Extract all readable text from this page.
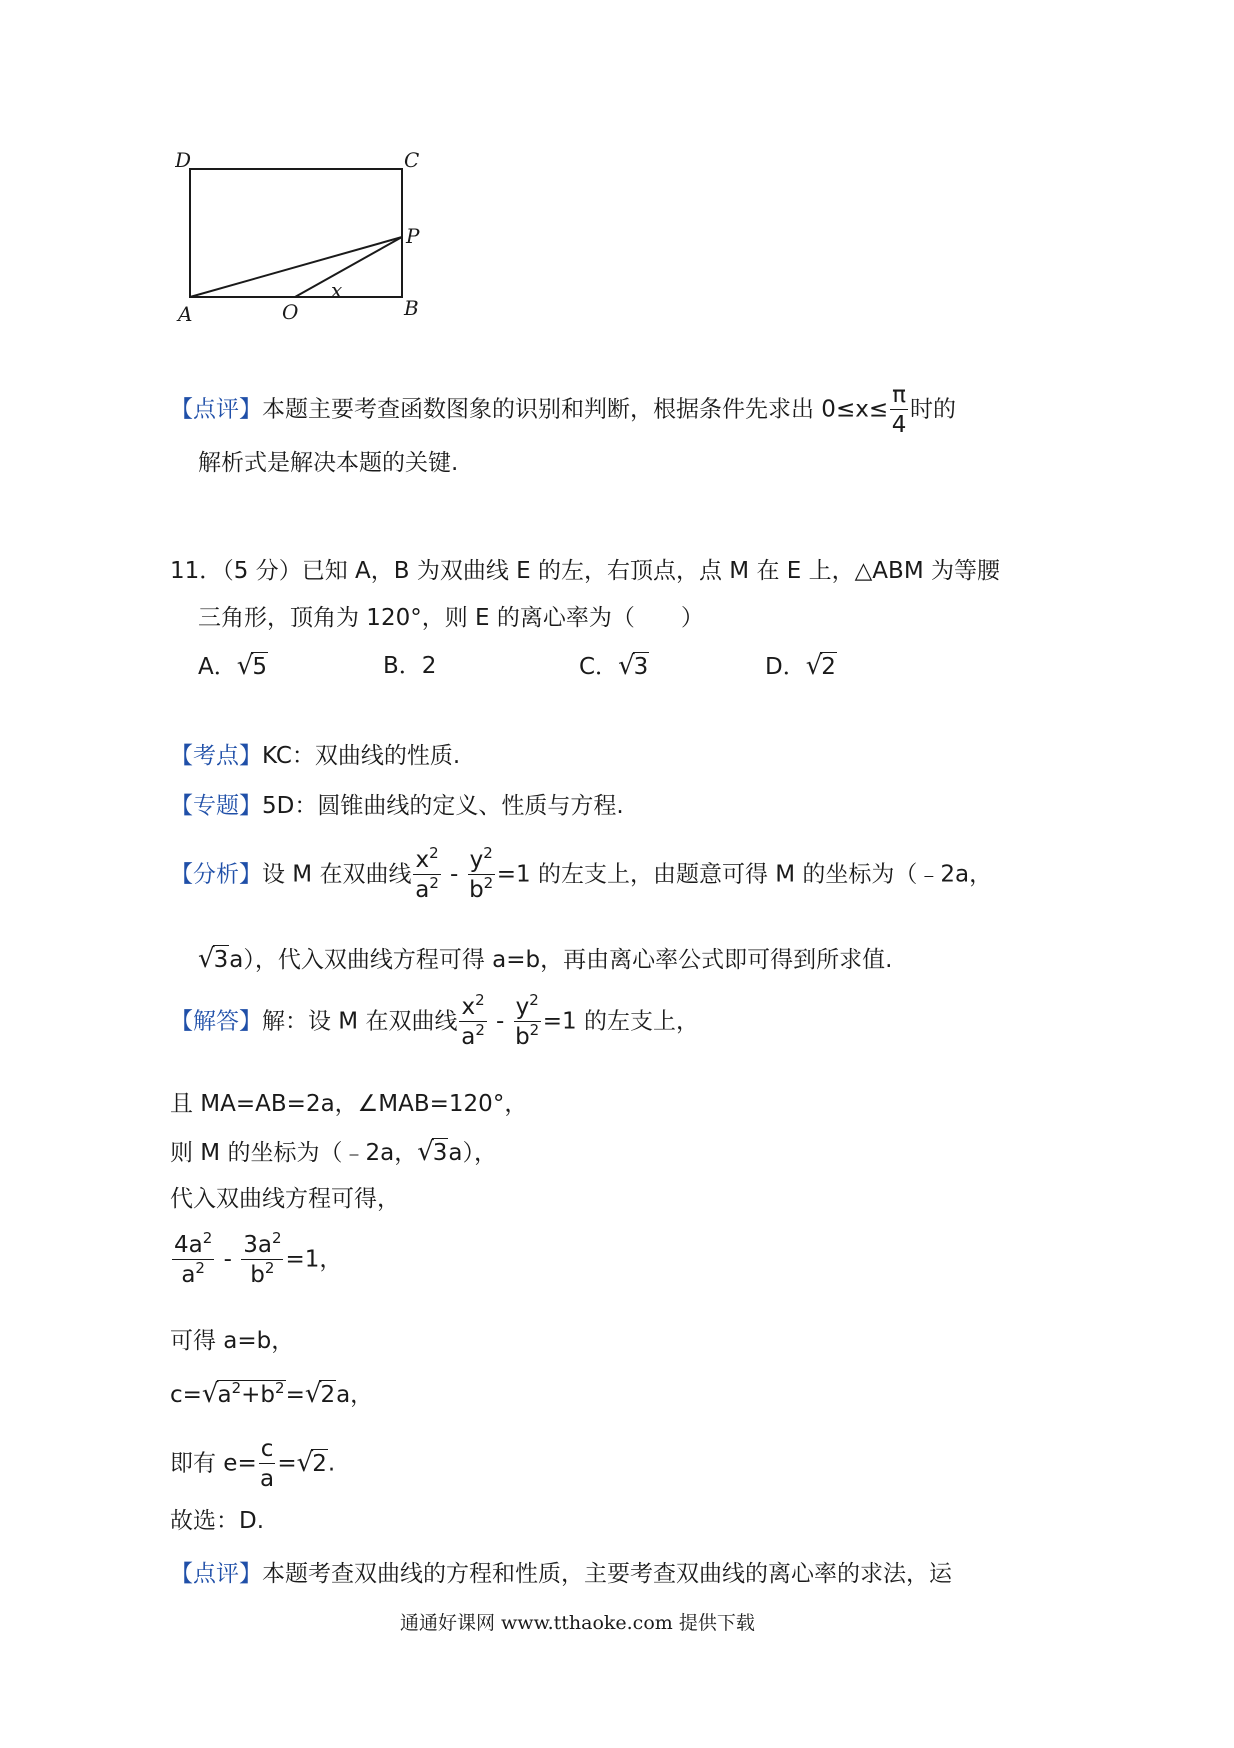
D	C
P
A	O	B
x
【点评】本题主要考查函数图象的识别和判断，根据条件先求出 $0\le x\le \frac{\pi}{4}$ 时的
解析式是解决本题的关键.
11．（5 分）已知 A，B 为双曲线 E 的左，右顶点，点 M 在 E 上，△ABM 为等腰
三角形，顶角为 120°，则 E 的离心率为（　　）
A．√5	B．2	C．√3	D．√2
【考点】KC：双曲线的性质.
【专题】5D：圆锥曲线的定义、性质与方程.
【分析】设 M 在双曲线 $\frac{x^2}{a^2} - \frac{y^2}{b^2} =1$ 的左支上，由题意可得 M 的坐标为（﹣2a，
√3a），代入双曲线方程可得 a=b，再由离心率公式即可得到所求值.
【解答】解：设 M 在双曲线 $\frac{x^2}{a^2} - \frac{y^2}{b^2} =1$ 的左支上，
且 MA=AB=2a，∠MAB=120°，
则 M 的坐标为（﹣2a，√3a），
代入双曲线方程可得，
$\frac{4a^2}{a^2} - \frac{3a^2}{b^2} =1$，
可得 a=b，
$c=√a^2+b^2=√2a$，
即有 $e= \frac{c}{a} =√2$.
故选：D.
【点评】本题考查双曲线的方程和性质，主要考查双曲线的离心率的求法，运
通通好课网 www.tthaoke.com 提供下载
